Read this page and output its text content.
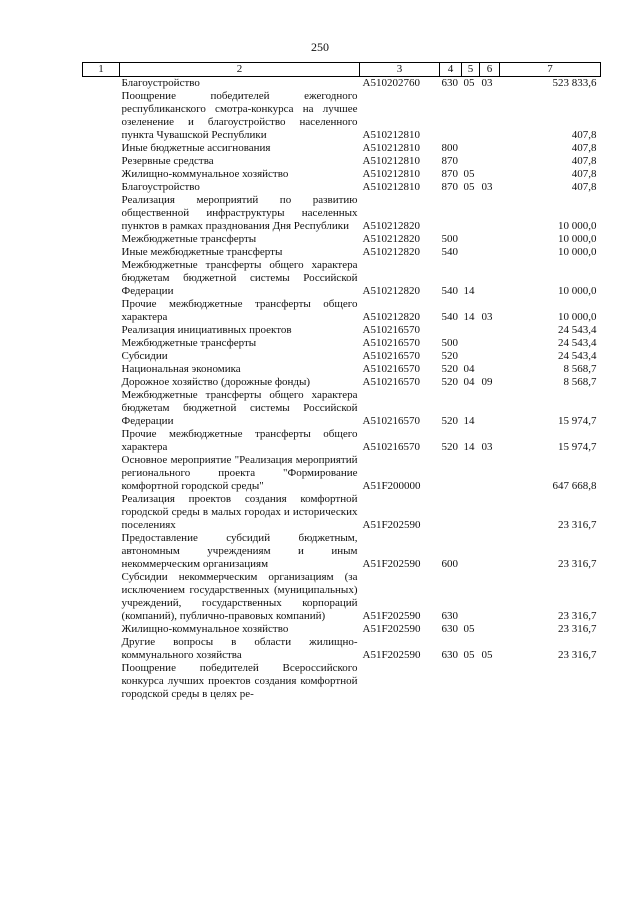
250
1	2	3	4	5	6	7
	Благоустройство	А510202760	630	05	03	523 833,6
	Поощрение победителей ежегодного республиканского смотра-конкурса на лучшее озеленение и благоустройство населенного пункта Чувашской Республики	А510212810				407,8
	Иные бюджетные ассигнования	А510212810	800			407,8
	Резервные средства	А510212810	870			407,8
	Жилищно-коммунальное хозяйство	А510212810	870	05		407,8
	Благоустройство	А510212810	870	05	03	407,8
	Реализация мероприятий по развитию общественной инфраструктуры населенных пунктов в рамках празднования Дня Республики	А510212820				10 000,0
	Межбюджетные трансферты	А510212820	500			10 000,0
	Иные межбюджетные трансферты	А510212820	540			10 000,0
	Межбюджетные трансферты общего характера бюджетам бюджетной системы Российской Федерации	А510212820	540	14		10 000,0
	Прочие межбюджетные трансферты общего характера	А510212820	540	14	03	10 000,0
	Реализация инициативных проектов	А510216570				24 543,4
	Межбюджетные трансферты	А510216570	500			24 543,4
	Субсидии	А510216570	520			24 543,4
	Национальная экономика	А510216570	520	04		8 568,7
	Дорожное хозяйство (дорожные фонды)	А510216570	520	04	09	8 568,7
	Межбюджетные трансферты общего характера бюджетам бюджетной системы Российской Федерации	А510216570	520	14		15 974,7
	Прочие межбюджетные трансферты общего характера	А510216570	520	14	03	15 974,7
	Основное мероприятие "Реализация мероприятий регионального проекта "Формирование комфортной городской среды"	А51F200000				647 668,8
	Реализация проектов создания комфортной городской среды в малых городах и исторических поселениях	А51F202590				23 316,7
	Предоставление субсидий бюджетным, автономным учреждениям и иным некоммерческим организациям	А51F202590	600			23 316,7
	Субсидии некоммерческим организациям (за исключением государственных (муниципальных) учреждений, государственных корпораций (компаний), публично-правовых компаний)	А51F202590	630			23 316,7
	Жилищно-коммунальное хозяйство	А51F202590	630	05		23 316,7
	Другие вопросы в области жилищно-коммунального хозяйства	А51F202590	630	05	05	23 316,7
	Поощрение победителей Всероссийского конкурса лучших проектов создания комфортной городской среды в целях ре-					
